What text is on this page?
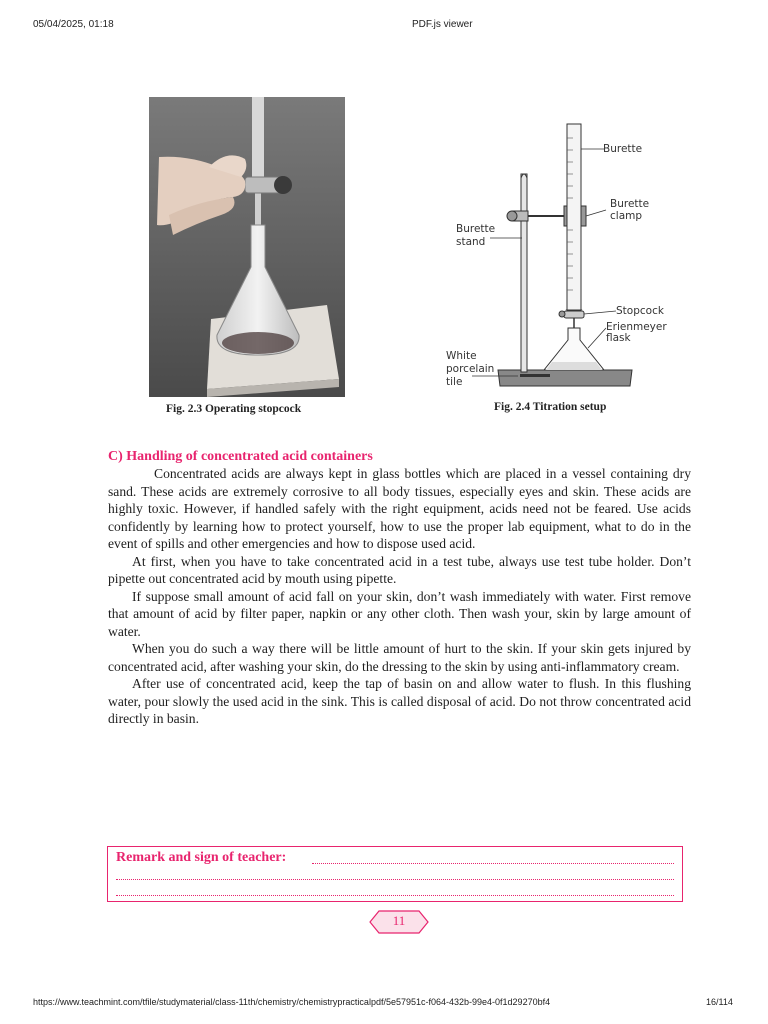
05/04/2025, 01:18	PDF.js viewer
Burette
Burette
clamp
Burette
stand
Stopcock
Erienmeyer
flask
White
porcelain
tile
Fig. 2.3 Operating stopcock	Fig. 2.4 Titration setup
C) Handling of concentrated acid containers

Concentrated acids are always kept in glass bottles which are placed in a vessel containing dry sand. These acids are extremely corrosive to all body tissues, especially eyes and skin. These acids are highly toxic. However, if handled safely with the right equipment, acids need not be feared. Use acids confidently by learning how to protect yourself, how to use the proper lab equipment, what to do in the event of spills and other emergencies and how to dispose used acid.

At first, when you have to take concentrated acid in a test tube, always use test tube holder. Don’t pipette out concentrated acid by mouth using pipette.

If suppose small amount of acid fall on your skin, don’t wash immediately with water. First remove that amount of acid by filter paper, napkin or any other cloth. Then wash your, skin by large amount of water.

When you do such a way there will be little amount of hurt to the skin. If your skin gets injured by concentrated acid, after washing your skin, do the dressing to the skin by using anti-inflammatory cream.

After use of concentrated acid, keep the tap of basin on and allow water to flush. In this flushing water, pour slowly the used acid in the sink. This is called disposal of acid. Do not throw concentrated acid directly in basin.

Remark and sign of teacher:
11
https://www.teachmint.com/tfile/studymaterial/class-11th/chemistry/chemistrypracticalpdf/5e57951c-f064-432b-99e4-0f1d29270bf4	16/114
